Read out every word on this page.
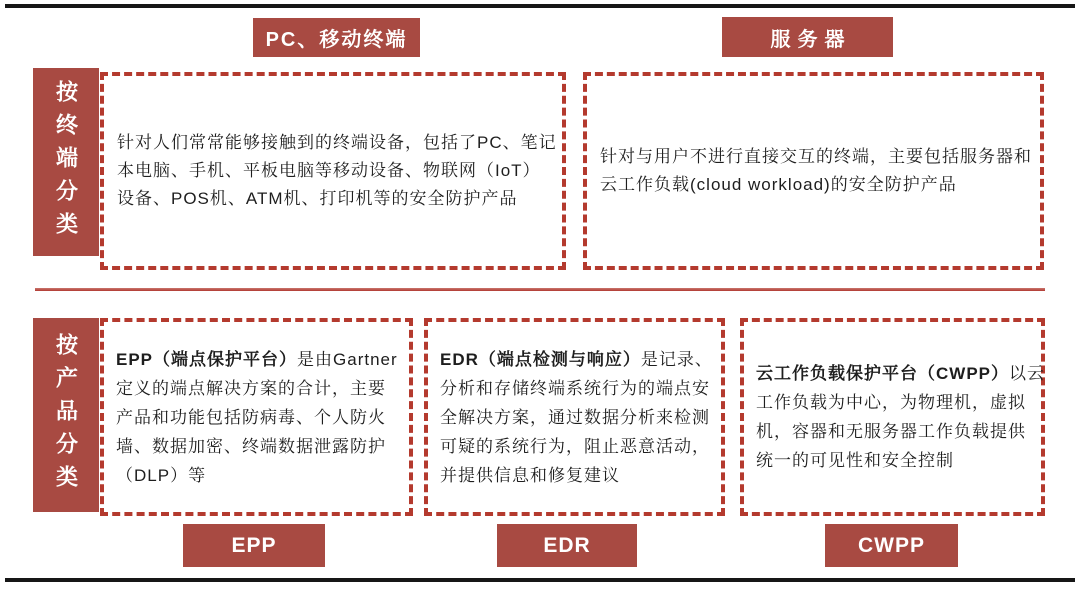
PC、移动终端	服务器
按终端分类	针对人们常常能够接触到的终端设备，包括了PC、笔记
本电脑、手机、平板电脑等移动设备、物联网（IoT）
设备、POS机、ATM机、打印机等的安全防护产品
针对与用户不进行直接交互的终端，主要包括服务器和
云工作负载(cloud workload)的安全防护产品
按产品分类	EPP（端点保护平台）是由Gartner
定义的端点解决方案的合计，主要
产品和功能包括防病毒、个人防火
墙、数据加密、终端数据泄露防护
（DLP）等
EDR（端点检测与响应）是记录、
分析和存储终端系统行为的端点安
全解决方案，通过数据分析来检测
可疑的系统行为，阻止恶意活动，
并提供信息和修复建议
云工作负载保护平台（CWPP）以云
工作负载为中心，为物理机，虚拟
机，容器和无服务器工作负载提供
统一的可见性和安全控制
EPP	EDR	CWPP
